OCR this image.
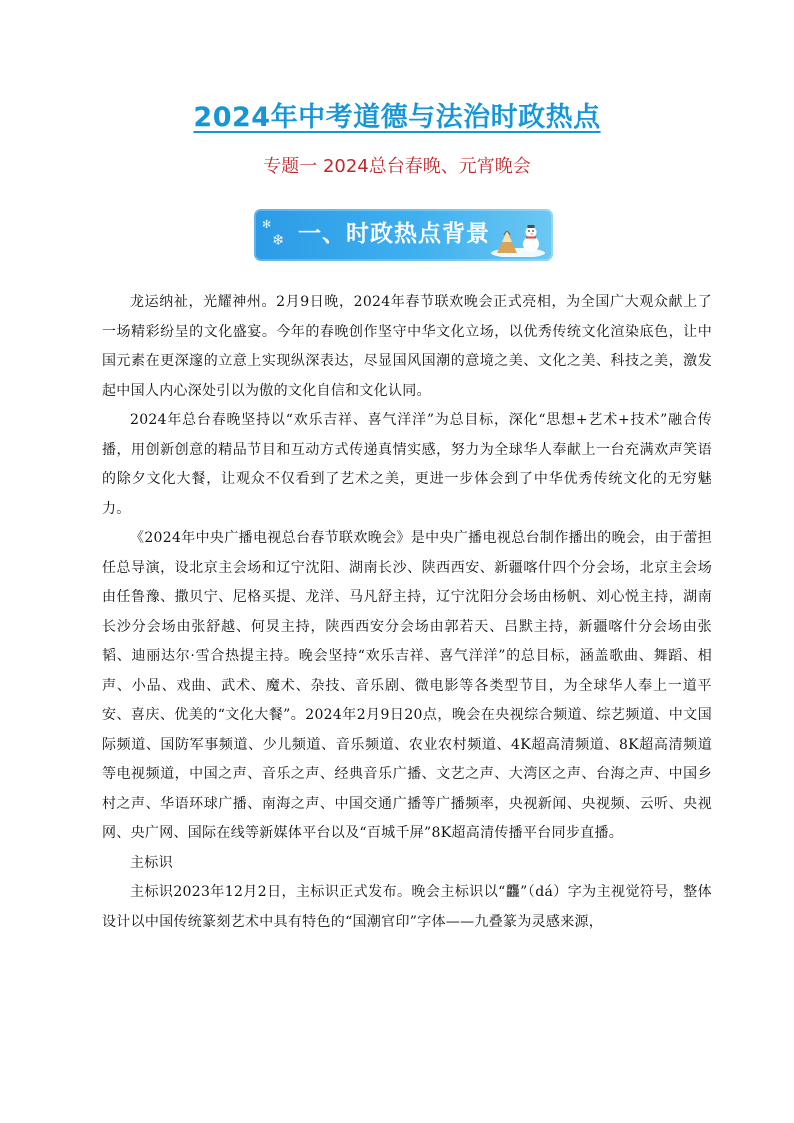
2024年中考道德与法治时政热点
专题一 2024总台春晚、元宵晚会
✻
❄ 一、时政热点背景

龙运纳祉，光耀神州。2月9日晚，2024年春节联欢晚会正式亮相，为全国广大观众献上了一场精彩纷呈的文化盛宴。今年的春晚创作坚守中华文化立场，以优秀传统文化渲染底色，让中国元素在更深邃的立意上实现纵深表达，尽显国风国潮的意境之美、文化之美、科技之美，激发起中国人内心深处引以为傲的文化自信和文化认同。

2024年总台春晚坚持以“欢乐吉祥、喜气洋洋”为总目标，深化“思想+艺术+技术”融合传播，用创新创意的精品节目和互动方式传递真情实感，努力为全球华人奉献上一台充满欢声笑语的除夕文化大餐，让观众不仅看到了艺术之美，更进一步体会到了中华优秀传统文化的无穷魅力。

《2024年中央广播电视总台春节联欢晚会》是中央广播电视总台制作播出的晚会，由于蕾担任总导演，设北京主会场和辽宁沈阳、湖南长沙、陕西西安、新疆喀什四个分会场，北京主会场由任鲁豫、撒贝宁、尼格买提、龙洋、马凡舒主持，辽宁沈阳分会场由杨帆、刘心悦主持，湖南长沙分会场由张舒越、何炅主持，陕西西安分会场由郭若天、吕默主持，新疆喀什分会场由张韬、迪丽达尔·雪合热提主持。晚会坚持“欢乐吉祥、喜气洋洋”的总目标，涵盖歌曲、舞蹈、相声、小品、戏曲、武术、魔术、杂技、音乐剧、微电影等各类型节目，为全球华人奉上一道平安、喜庆、优美的“文化大餐”。2024年2月9日20点，晚会在央视综合频道、综艺频道、中文国际频道、国防军事频道、少儿频道、音乐频道、农业农村频道、4K超高清频道、8K超高清频道等电视频道，中国之声、音乐之声、经典音乐广播、文艺之声、大湾区之声、台海之声、中国乡村之声、华语环球广播、南海之声、中国交通广播等广播频率，央视新闻、央视频、云听、央视网、央广网、国际在线等新媒体平台以及“百城千屏”8K超高清传播平台同步直播。

主标识

主标识2023年12月2日，主标识正式发布。晚会主标识以“龘”（dá）字为主视觉符号，整体设计以中国传统篆刻艺术中具有特色的“国潮官印”字体——九叠篆为灵感来源，
